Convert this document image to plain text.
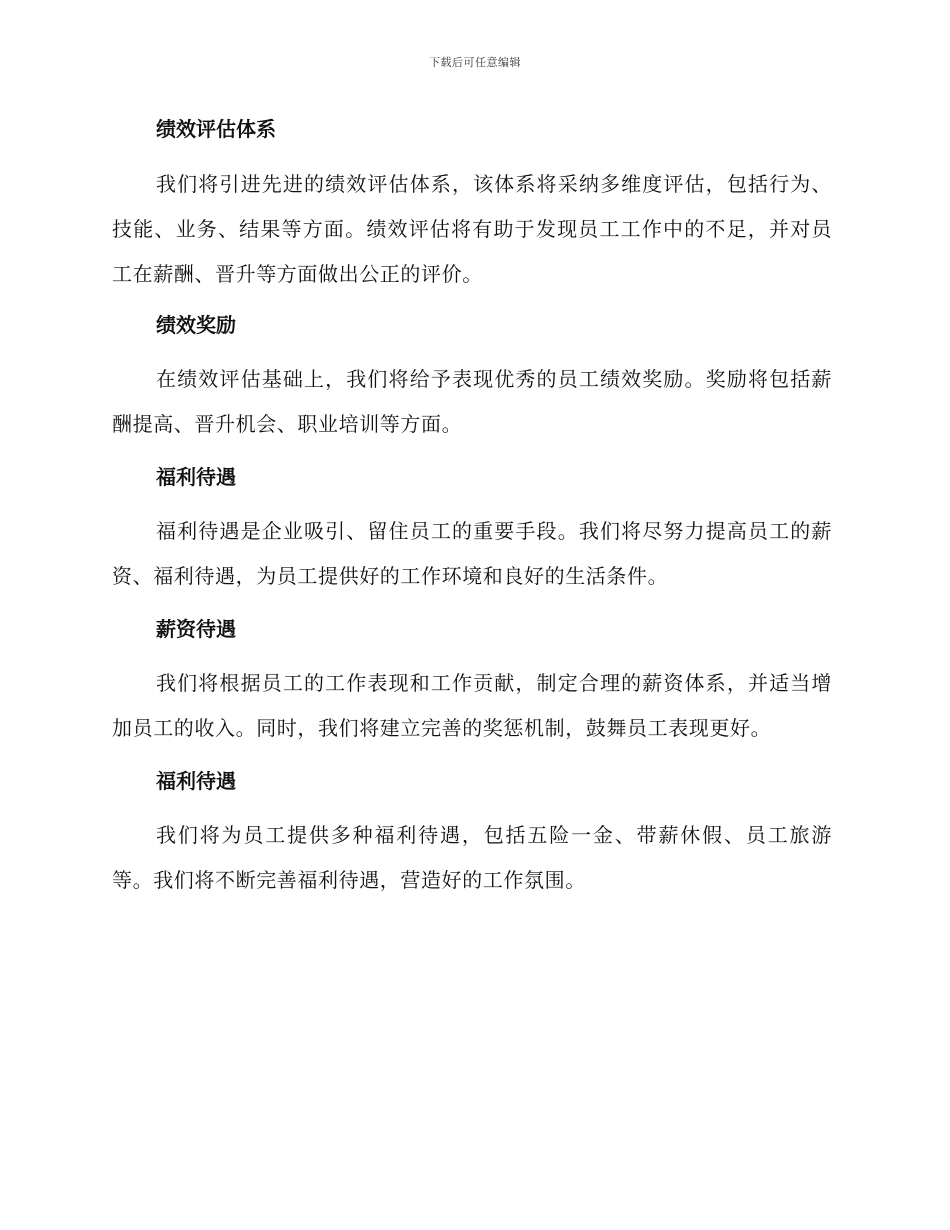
下载后可任意编辑
绩效评估体系

我们将引进先进的绩效评估体系，该体系将采纳多维度评估，包括行为、技能、业务、结果等方面。绩效评估将有助于发现员工工作中的不足，并对员工在薪酬、晋升等方面做出公正的评价。

绩效奖励

在绩效评估基础上，我们将给予表现优秀的员工绩效奖励。奖励将包括薪酬提高、晋升机会、职业培训等方面。

福利待遇

福利待遇是企业吸引、留住员工的重要手段。我们将尽努力提高员工的薪资、福利待遇，为员工提供好的工作环境和良好的生活条件。

薪资待遇

我们将根据员工的工作表现和工作贡献，制定合理的薪资体系，并适当增加员工的收入。同时，我们将建立完善的奖惩机制，鼓舞员工表现更好。

福利待遇

我们将为员工提供多种福利待遇，包括五险一金、带薪休假、员工旅游等。我们将不断完善福利待遇，营造好的工作氛围。
